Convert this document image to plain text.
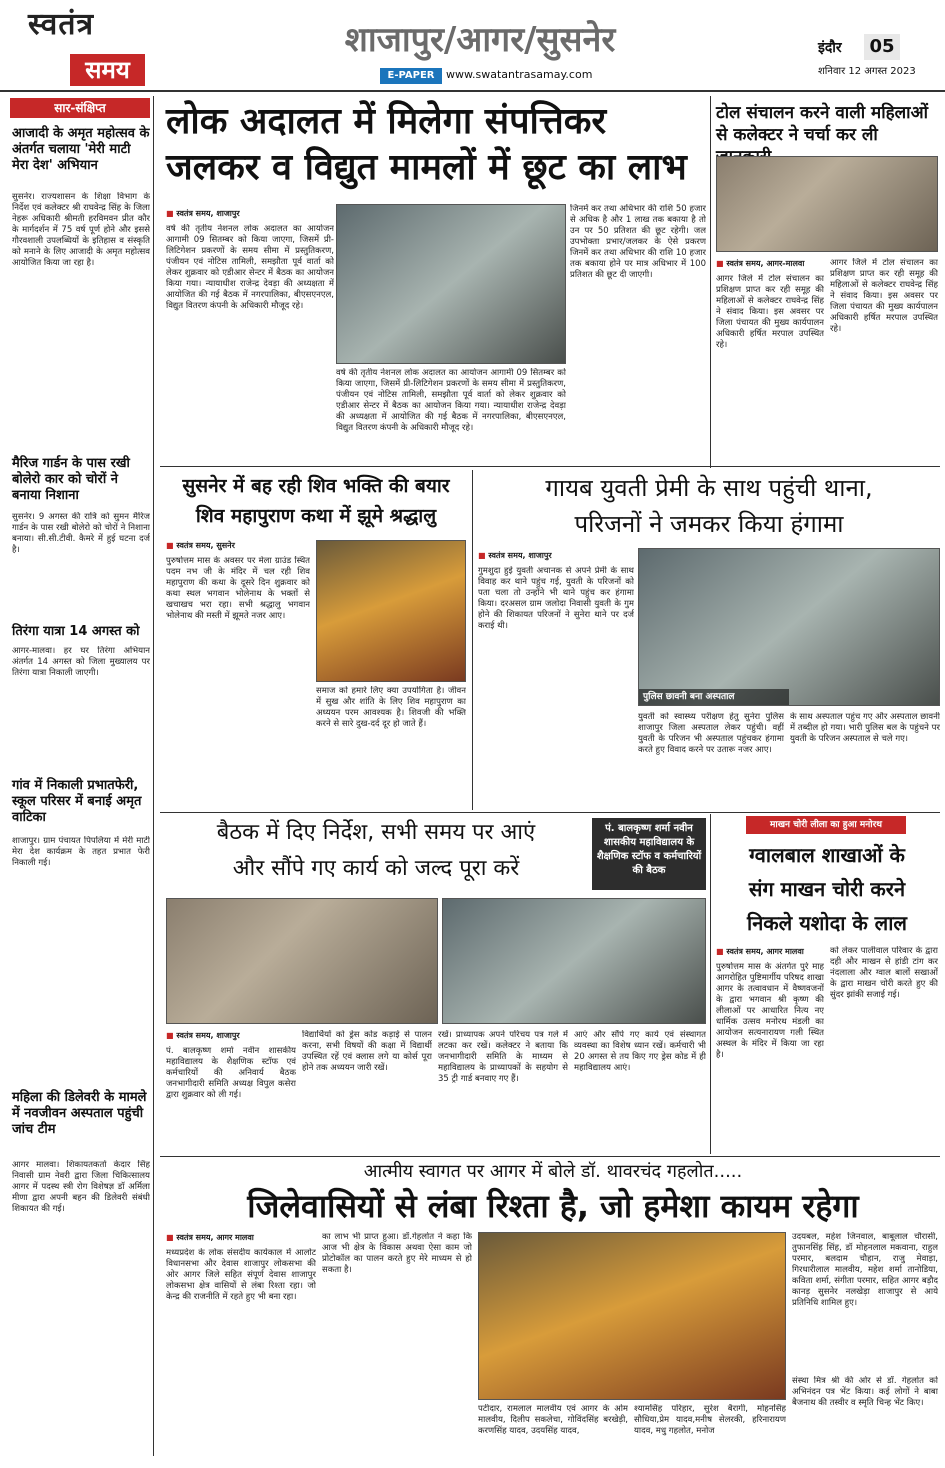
स्वतंत्र
समय
शाजापुर/आगर/सुसनेर
E-PAPER	www.swatantrasamay.com
इंदौर	05
शनिवार 12 अगस्त 2023
सार-संक्षिप्त
आजादी के अमृत महोत्सव के अंतर्गत चलाया 'मेरी माटी मेरा देश' अभियान
सुसनेर। राज्यशासन के शिक्षा विभाग के निर्देश एवं कलेक्टर श्री राघवेन्द्र सिंह के जिला नेहरू अधिकारी श्रीमती हरविमवन प्रीत कौर के मार्गदर्शन में 75 वर्ष पूर्ण होने और इससे गौरवशाली उपलब्धियों के इतिहास व संस्कृति को मनाने के लिए आजादी के अमृत महोत्सव आयोजित किया जा रहा है।
मैरिज गार्डन के पास रखी बोलेरो कार को चोरों ने बनाया निशाना
सुसनेर। 9 अगस्त की रात्रि को सुमन मैरिज गार्डन के पास रखी बोलेरो को चोरों ने निशाना बनाया। सी.सी.टीवी. कैमरे में हुई घटना दर्ज है।
तिरंगा यात्रा 14 अगस्त को
आगर-मालवा। हर घर तिरंगा अभियान अंतर्गत 14 अगस्त को जिला मुख्यालय पर तिरंगा यात्रा निकाली जाएगी।
गांव में निकाली प्रभातफेरी, स्कूल परिसर में बनाई अमृत वाटिका
शाजापुर। ग्राम पंचायत पिपलिया में मेरी माटी मेरा देश कार्यक्रम के तहत प्रभात फेरी निकाली गई।
महिला की डिलेवरी के मामले में नवजीवन अस्पताल पहुंची जांच टीम
आगर मालवा। शिकायतकर्ता केदार सिंह निवासी ग्राम नेवरी द्वारा जिला चिकित्सालय आगर में पदस्थ स्त्री रोग विशेषज्ञ डॉ अर्मिला मीणा द्वारा अपनी बहन की डिलेवरी संबंधी शिकायत की गई।
लोक अदालत में मिलेगा संपत्तिकर
जलकर व विद्युत मामलों में छूट का लाभ
■ स्वतंत्र समय, शाजापुर
वर्ष की तृतीय नेशनल लोक अदालत का आयोजन आगामी 09 सितम्बर को किया जाएगा, जिसमें प्री-लिटिगेशन प्रकरणों के समय सीमा में प्रस्तुतिकरण, पंजीयन एवं नोटिस तामिली, समझौता पूर्व वार्ता को लेकर शुक्रवार को एडीआर सेन्टर में बैठक का आयोजन किया गया। न्यायाधीश राजेन्द्र देवड़ा की अध्यक्षता में आयोजित की गई बैठक में नगरपालिका, बीएसएनएल, विद्युत वितरण कंपनी के अधिकारी मौजूद रहे।
वर्ष की तृतीय नेशनल लोक अदालत का आयोजन आगामी 09 सितम्बर को किया जाएगा, जिसमें प्री-लिटिगेशन प्रकरणों के समय सीमा में प्रस्तुतिकरण, पंजीयन एवं नोटिस तामिली, समझौता पूर्व वार्ता को लेकर शुक्रवार को एडीआर सेन्टर में बैठक का आयोजन किया गया। न्यायाधीश राजेन्द्र देवड़ा की अध्यक्षता में आयोजित की गई बैठक में नगरपालिका, बीएसएनएल, विद्युत वितरण कंपनी के अधिकारी मौजूद रहे।
जिनमें कर तथा अधिभार की राशि 50 हजार से अधिक है और 1 लाख तक बकाया है तो उन पर 50 प्रतिशत की छूट रहेगी। जल उपभोक्ता प्रभार/जलकर के ऐसे प्रकरण जिनमें कर तथा अधिभार की राशि 10 हजार तक बकाया होने पर मात्र अधिभार में 100 प्रतिशत की छूट दी जाएगी।
टोल संचालन करने वाली महिलाओं से कलेक्टर ने चर्चा कर ली
■ स्वतंत्र समय, आगर-मालवा
आगर जिले में टोल संचालन का प्रशिक्षण प्राप्त कर रही समूह की महिलाओं से कलेक्टर राघवेन्द्र सिंह ने संवाद किया। इस अवसर पर जिला पंचायत की मुख्य कार्यपालन अधिकारी हर्षित मरपाल उपस्थित रहे।
आगर जिले में टोल संचालन का प्रशिक्षण प्राप्त कर रही समूह की महिलाओं से कलेक्टर राघवेन्द्र सिंह ने संवाद किया। इस अवसर पर जिला पंचायत की मुख्य कार्यपालन अधिकारी हर्षित मरपाल उपस्थित रहे।
सुसनेर में बह रही शिव भक्ति की बयार
शिव महापुराण कथा में झूमे श्रद्धालु
■ स्वतंत्र समय, सुसनेर
पुरुषोत्तम मास के अवसर पर मेला ग्राउंड स्थित पदम नभ जी के मंदिर में चल रही शिव महापुराण की कथा के दूसरे दिन शुक्रवार को कथा स्थल भगवान भोलेनाथ के भक्तों से खचाखच भरा रहा। सभी श्रद्धालु भगवान भोलेनाथ की मस्ती में झूमते नजर आए।
समाज को हमारे लिए क्या उपयोगिता है। जीवन में सुख और शांति के लिए शिव महापुराण का अध्ययन परम आवश्यक है। शिवजी की भक्ति करने से सारे दुख-दर्द दूर हो जाते हैं।
गायब युवती प्रेमी के साथ पहुंची थाना,
परिजनों ने जमकर किया हंगामा
■ स्वतंत्र समय, शाजापुर
गुमशुदा हुई युवती अचानक से अपने प्रेमी के साथ विवाह कर थाने पहुंच गई, युवती के परिजनों को पता चला तो उन्होंने भी थाने पहुंच कर हंगामा किया। दरअसल ग्राम जलोदा निवासी युवती के गुम होने की शिकायत परिजनों ने सुनेरा थाने पर दर्ज कराई थी।
पुलिस छावनी बना अस्पताल
युवती को स्वास्थ्य परीक्षण हेतु सुनेरा पुलिस शाजापुर जिला अस्पताल लेकर पहुंची। वहीं युवती के परिजन भी अस्पताल पहुंचकर हंगामा करते हुए विवाद करने पर उतारू नजर आए।
के साथ अस्पताल पहुंच गए और अस्पताल छावनी में तब्दील हो गया। भारी पुलिस बल के पहुंचने पर युवती के परिजन अस्पताल से चले गए।
बैठक में दिए निर्देश, सभी समय पर आएं
और सौंपे गए कार्य को जल्द पूरा करें
पं. बालकृष्ण शर्मा नवीन शासकीय महाविद्यालय के शैक्षणिक स्टॉफ व कर्मचारियों की बैठक
■ स्वतंत्र समय, शाजापुर
पं. बालकृष्ण शर्मा नवीन शासकीय महाविद्यालय के शैक्षणिक स्टॉफ एवं कर्मचारियों की अनिवार्य बैठक जनभागीदारी समिति अध्यक्ष विपुल कसेरा द्वारा शुक्रवार को ली गई।
विद्यार्थियों को ड्रेस कोड कड़ाई से पालन करना, सभी विषयों की कक्षा में विद्यार्थी उपस्थित रहें एवं क्लास लगे या कोर्स पूरा होने तक अध्ययन जारी रखें।
रखें। प्राध्यापक अपने परिचय पत्र गले में लटका कर रखें। कलेक्टर ने बताया कि जनभागीदारी समिति के माध्यम से महाविद्यालय के प्राध्यापकों के सहयोग से 35 ट्री गार्ड बनवाए गए हैं।
आएं और सौंपे गए कार्य एवं संस्थागत व्यवस्था का विशेष ध्यान रखें। कर्मचारी भी 20 अगस्त से तय किए गए ड्रेस कोड में ही महाविद्यालय आएं।
माखन चोरी लीला का हुआ मनोरथ
ग्वालबाल शाखाओं के
संग माखन चोरी करने
निकले यशोदा के लाल
■ स्वतंत्र समय, आगर मालवा
पुरुषोत्तम मास के अंतर्गत पुरे माह आगरोहित पुष्टिमार्गीय परिषद शाखा आगर के तत्वावधान में वैष्णवजनों के द्वारा भगवान श्री कृष्ण की लीलाओं पर आधारित नित्य नए धार्मिक उत्सव मनोरथ मंडली का आयोजन सत्यनारायण गली स्थित अस्थल के मंदिर में किया जा रहा है।
को लेकर पालीवाल परिवार के द्वारा दही और माखन से हांडी टांग कर नंदलाला और ग्वाल बालों सखाओं के द्वारा माखन चोरी करते हुए की सुंदर झांकी सजाई गई।
आत्मीय स्वागत पर आगर में बोले डॉ. थावरचंद गहलोत.....
जिलेवासियों से लंबा रिश्ता है, जो हमेशा कायम रहेगा
■ स्वतंत्र समय, आगर मालवा
मध्यप्रदेश के लोक संसदीय कार्यकाल में आलोट विधानसभा और देवास शाजापुर लोकसभा की ओर आगर जिले सहित संपूर्ण देवास शाजापुर लोकसभा क्षेत्र वासियों से लंबा रिश्ता रहा। जो केन्द्र की राजनीति में रहते हुए भी बना रहा।
का लाभ भी प्राप्त हुआ। डॉ.गेहलोत ने कहा कि आज भी क्षेत्र के विकास अथवा ऐसा काम जो प्रोटोकॉल का पालन करते हुए मेरे माध्यम से हो सकता है।
पटीदार, रामलाल मालवीय एवं आगर के ओम मालवीय, दिलीप सकलेचा, गोविंदसिंह बरखेड़ी, करणसिंह यादव, उदयसिंह यादव,
श्यामसिंह परिहार, सुरेश बैरागी, मोहनसिंह सौधिया,प्रेम यादव,मनीष सेलरकी, हरिनारायण यादव, मधु गहलोत, मनोज
उदयबल, महेश जिनवाल, बाबूलाल चौरासी, तुफानसिंह सिंह, डॉ मोहनलाल मकवाना, राहुल परमार, बलदाम चौहान, राजु मेवाड़ा, गिरधारीलाल मालवीय, महेश शर्मा तानोडिया, कविता शर्मा, संगीता परमार, सहित आगर बड़ौद कानड़ सुसनेर नलखेड़ा शाजापुर से आये प्रतिनिधि शामिल हुए।
संस्था मित्र श्री की ओर से डॉ. गेहलोत को अभिनंदन पत्र भेंट किया। कई लोगों ने बाबा बैजनाथ की तस्वीर व स्मृति चिन्ह भेंट किए।
